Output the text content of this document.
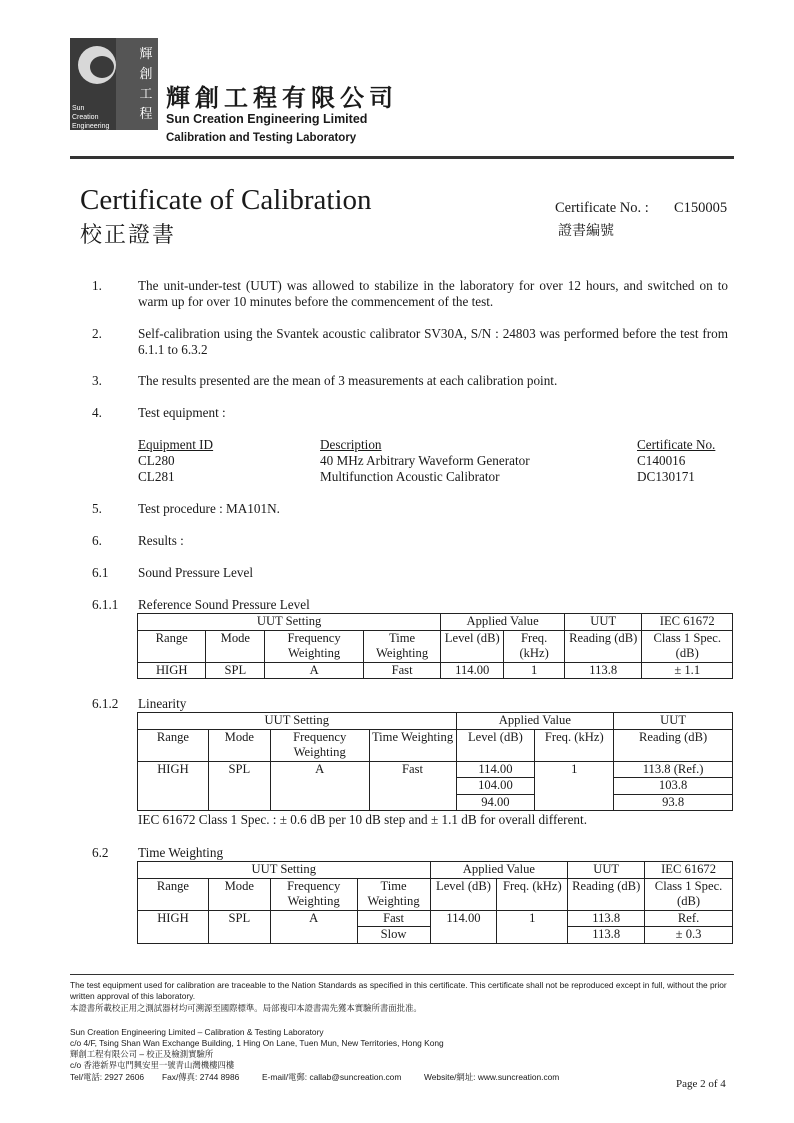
Sun
Creation
Engineering
輝
創
工
程
輝創工程有限公司
Sun Creation Engineering Limited
Calibration and Testing Laboratory
Certificate of Calibration
校正證書
Certificate No. : C150005
證書編號
1.	The unit-under-test (UUT) was allowed to stabilize in the laboratory for over 12 hours, and switched on to warm up for over 10 minutes before the commencement of the test.
2.	Self-calibration using the Svantek acoustic calibrator SV30A, S/N : 24803 was performed before the test from 6.1.1 to 6.3.2
3.	The results presented are the mean of 3 measurements at each calibration point.
4.	Test equipment :
Equipment ID	Description	Certificate No.
CL280	40 MHz Arbitrary Waveform Generator	C140016
CL281	Multifunction Acoustic Calibrator	DC130171
5.	Test procedure : MA101N.
6.	Results :
6.1 Sound Pressure Level
6.1.1 Reference Sound Pressure Level
UUT Setting				Applied Value		UUT	IEC 61672
Range	Mode	Frequency Weighting	Time Weighting	Level (dB)	Freq. (kHz)	Reading (dB)	Class 1 Spec. (dB)
HIGH	SPL	A	Fast	114.00	1	113.8	± 1.1
6.1.2 Linearity
UUT Setting				Applied Value		UUT
Range	Mode	Frequency Weighting	Time Weighting	Level (dB)	Freq. (kHz)	Reading (dB)
HIGH	SPL	A	Fast	114.00	1	113.8 (Ref.)
				104.00		103.8
				94.00		93.8
IEC 61672 Class 1 Spec. : ± 0.6 dB per 10 dB step and ± 1.1 dB for overall different.
6.2 Time Weighting
UUT Setting				Applied Value		UUT	IEC 61672
Range	Mode	Frequency Weighting	Time Weighting	Level (dB)	Freq. (kHz)	Reading (dB)	Class 1 Spec. (dB)
HIGH	SPL	A	Fast	114.00	1	113.8	Ref.
			Slow			113.8	± 0.3
The test equipment used for calibration are traceable to the Nation Standards as specified in this certificate. This certificate shall not be reproduced except in full, without the prior
written approval of this laboratory.
本證書所載校正用之測試器材均可溯源至國際標準。局部複印本證書需先獲本實驗所書面批准。
Sun Creation Engineering Limited – Calibration & Testing Laboratory
c/o 4/F, Tsing Shan Wan Exchange Building, 1 Hing On Lane, Tuen Mun, New Territories, Hong Kong
輝創工程有限公司 – 校正及檢測實驗所
c/o 香港新界屯門興安里一號青山灣機樓四樓
Tel/電話: 2927 2606	Fax/傳真: 2744 8986	E-mail/電郵: callab@suncreation.com	Website/網址: www.suncreation.com
Page 2 of 4
